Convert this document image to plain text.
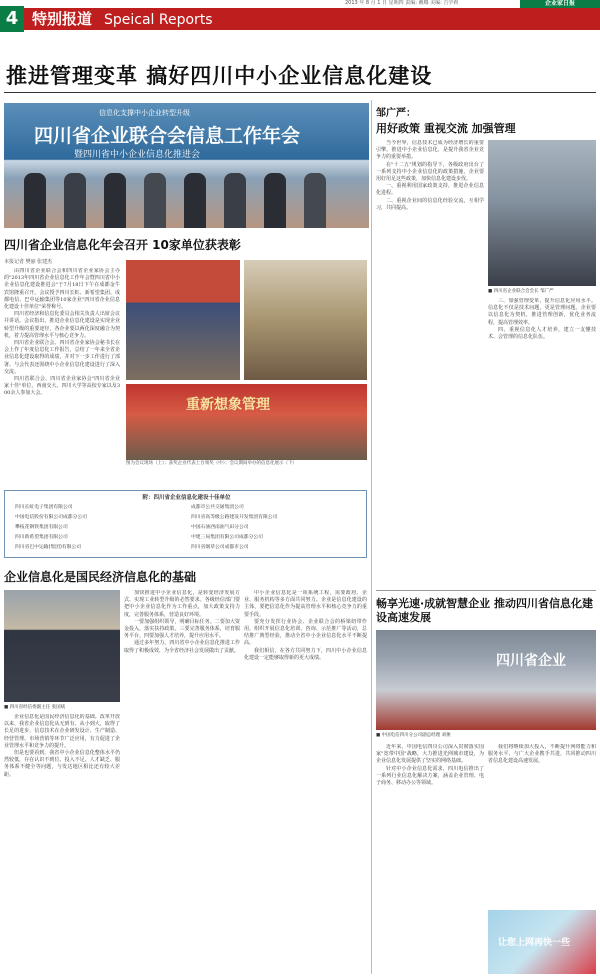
4 特别报道 Speical Reports
2013 年 8 月 1 日 星期四 责编: 戴娜 美编: 吉学莉	企业家日报
推进管理变革 搞好四川中小企业信息化建设
信息化支撑中小企业转型升级
四川省企业联合会信息工作年会
暨四川省中小企业信息化推进会
四川省企业信息化年会召开 10家单位获表彰
本报记者 樊丽 张建杰

由四川省企业联合会和四川省企业家协会主办的"2013年四川省企业信息化工作年会暨四川省中小企业信息化建设推进会"于7月18日下午在成都金牛宾馆隆重召开。会议授予四川长虹、新希望集团、成都电信、巴中运输集团等10家企业"四川省企业信息化建设十佳单位"荣誉称号。

四川省经济和信息化委员会相关负责人出席会议并讲话。会议指出，推进企业信息化建设是实现企业转型升级的重要途径，各企业要以两化深度融合为契机，着力提高管理水平与核心竞争力。

四川省企业联合会、四川省企业家协会秘书长在会上作了年度信息化工作报告，总结了一年来全省企业信息化建设取得的成绩，并对下一步工作进行了部署。与会代表还围绕中小企业信息化建设进行了深入交流。

四川省联合会、四川省企业家协会"四川省企业家十佳"单位，西南交大、四川大学等高校专家以及300余人参加大会。

重新想象管理
图为会议现场（上）；获奖企业代表上台领奖（中）；会议期间举办的信息化展示（下）
附：四川省企业信息化建设十佳单位
四川长虹电子集团有限公司
中国电信股份有限公司成都分公司
攀枝花钢铁集团有限公司
四川新希望集团有限公司
四川省巴中运输(集团)有限公司
成都市公共交通集团公司
四川省高等级公路建设开发集团有限公司
中国石油西南油气田分公司
中建三局集团有限公司成都分公司
四川省烟草公司成都市公司
企业信息化是国民经济信息化的基础
■ 四川省经信委副主任 张国斌

企业信息化是国民经济信息化的基础。改革开放以来，我省企业信息化从无到有、从小到大，取得了长足的进步，信息技术在企业研发设计、生产制造、经营管理、市场营销等环节广泛应用，有力促进了企业管理水平和竞争力的提升。

但是也要看到，我省中小企业信息化整体水平仍然较低，存在认识不到位、投入不足、人才缺乏、服务体系不健全等问题，与发达地区相比还有较大差距。

加快推进中小企业信息化，是转变经济发展方式、实现工业转型升级的必然要求。各级经信部门要把中小企业信息化作为工作重点，加大政策支持力度，完善服务体系，营造良好环境。

一要加强组织领导，明确目标任务。二要加大资金投入，落实扶持政策。三要完善服务体系，培育服务平台。四要加强人才培养，提升应用水平。

通过多年努力，四川省中小企业信息化推进工作取得了积极成效，为全省经济社会发展做出了贡献。

中小企业信息化是一项系统工程，需要政府、企业、服务机构等多方面共同努力。企业是信息化建设的主体，要把信息化作为提高管理水平和核心竞争力的重要手段。

要充分发挥行业协会、企业联合会的桥梁纽带作用，组织开展信息化培训、咨询、示范推广等活动，总结推广典型经验，推动全省中小企业信息化水平不断提高。

我们相信，在各方共同努力下，四川中小企业信息化建设一定能够取得新的更大成绩。

邹广严：
用好政策 重视交流 加强管理

当今世界，信息技术已成为经济增长的重要引擎。推进中小企业信息化，是提升我省企业竞争力的重要举措。

在"十二五"规划的指导下，各级政府出台了一系列支持中小企业信息化的政策措施，企业要用好用足这些政策，加快信息化建设步伐。

一、重视利用国家政策支持，推进企业信息化进程。

二、重视企业间的信息化经验交流，互相学习，共同提高。

■ 四川省企业联合会会长 邹广严

三、加强管理变革，提升信息化应用水平。信息化不仅是技术问题，更是管理问题。企业要以信息化为契机，推进管理创新，优化业务流程，提高管理效率。

四、重视信息化人才培养，建立一支懂技术、会管理的信息化队伍。

畅享光速·成就智慧企业 推动四川省信息化建设高速发展
四川省企业
■ 中国电信四川分公司副总经理 刘俊

近年来，中国电信四川公司深入贯彻落实国家"宽带中国"战略，大力推进光网城市建设，为企业信息化发展提供了坚实的网络基础。

针对中小企业信息化需求，四川电信推出了一系列行业信息化解决方案，涵盖企业管理、电子商务、移动办公等领域。

我们将继续加大投入，不断提升网络能力和服务水平，与广大企业携手共进，共同推动四川省信息化建设高速发展。

让您上网再快一些
